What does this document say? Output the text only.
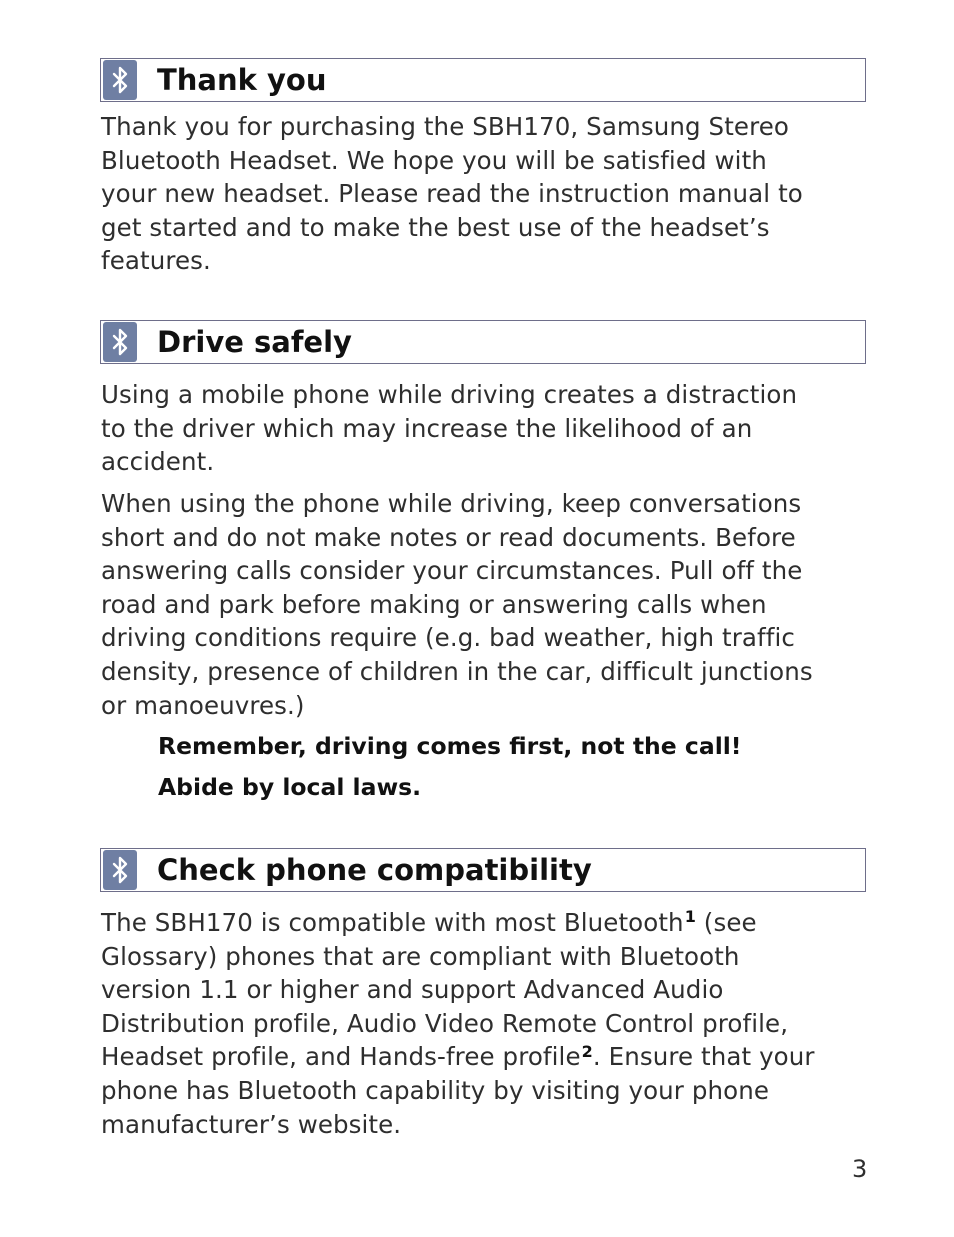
Thank you

Thank you for purchasing the SBH170, Samsung Stereo
Bluetooth Headset. We hope you will be satisfied with
your new headset. Please read the instruction manual to
get started and to make the best use of the headset’s
features.

Drive safely

Using a mobile phone while driving creates a distraction
to the driver which may increase the likelihood of an
accident.

When using the phone while driving, keep conversations
short and do not make notes or read documents. Before
answering calls consider your circumstances. Pull off the
road and park before making or answering calls when
driving conditions require (e.g. bad weather, high traffic
density, presence of children in the car, difficult junctions
or manoeuvres.)

Remember, driving comes first, not the call!

Abide by local laws.

Check phone compatibility

The SBH170 is compatible with most Bluetooth$^1$ (see
Glossary) phones that are compliant with Bluetooth
version 1.1 or higher and support Advanced Audio
Distribution profile, Audio Video Remote Control profile,
Headset profile, and Hands-free profile$^2$. Ensure that your
phone has Bluetooth capability by visiting your phone
manufacturer’s website.

3
